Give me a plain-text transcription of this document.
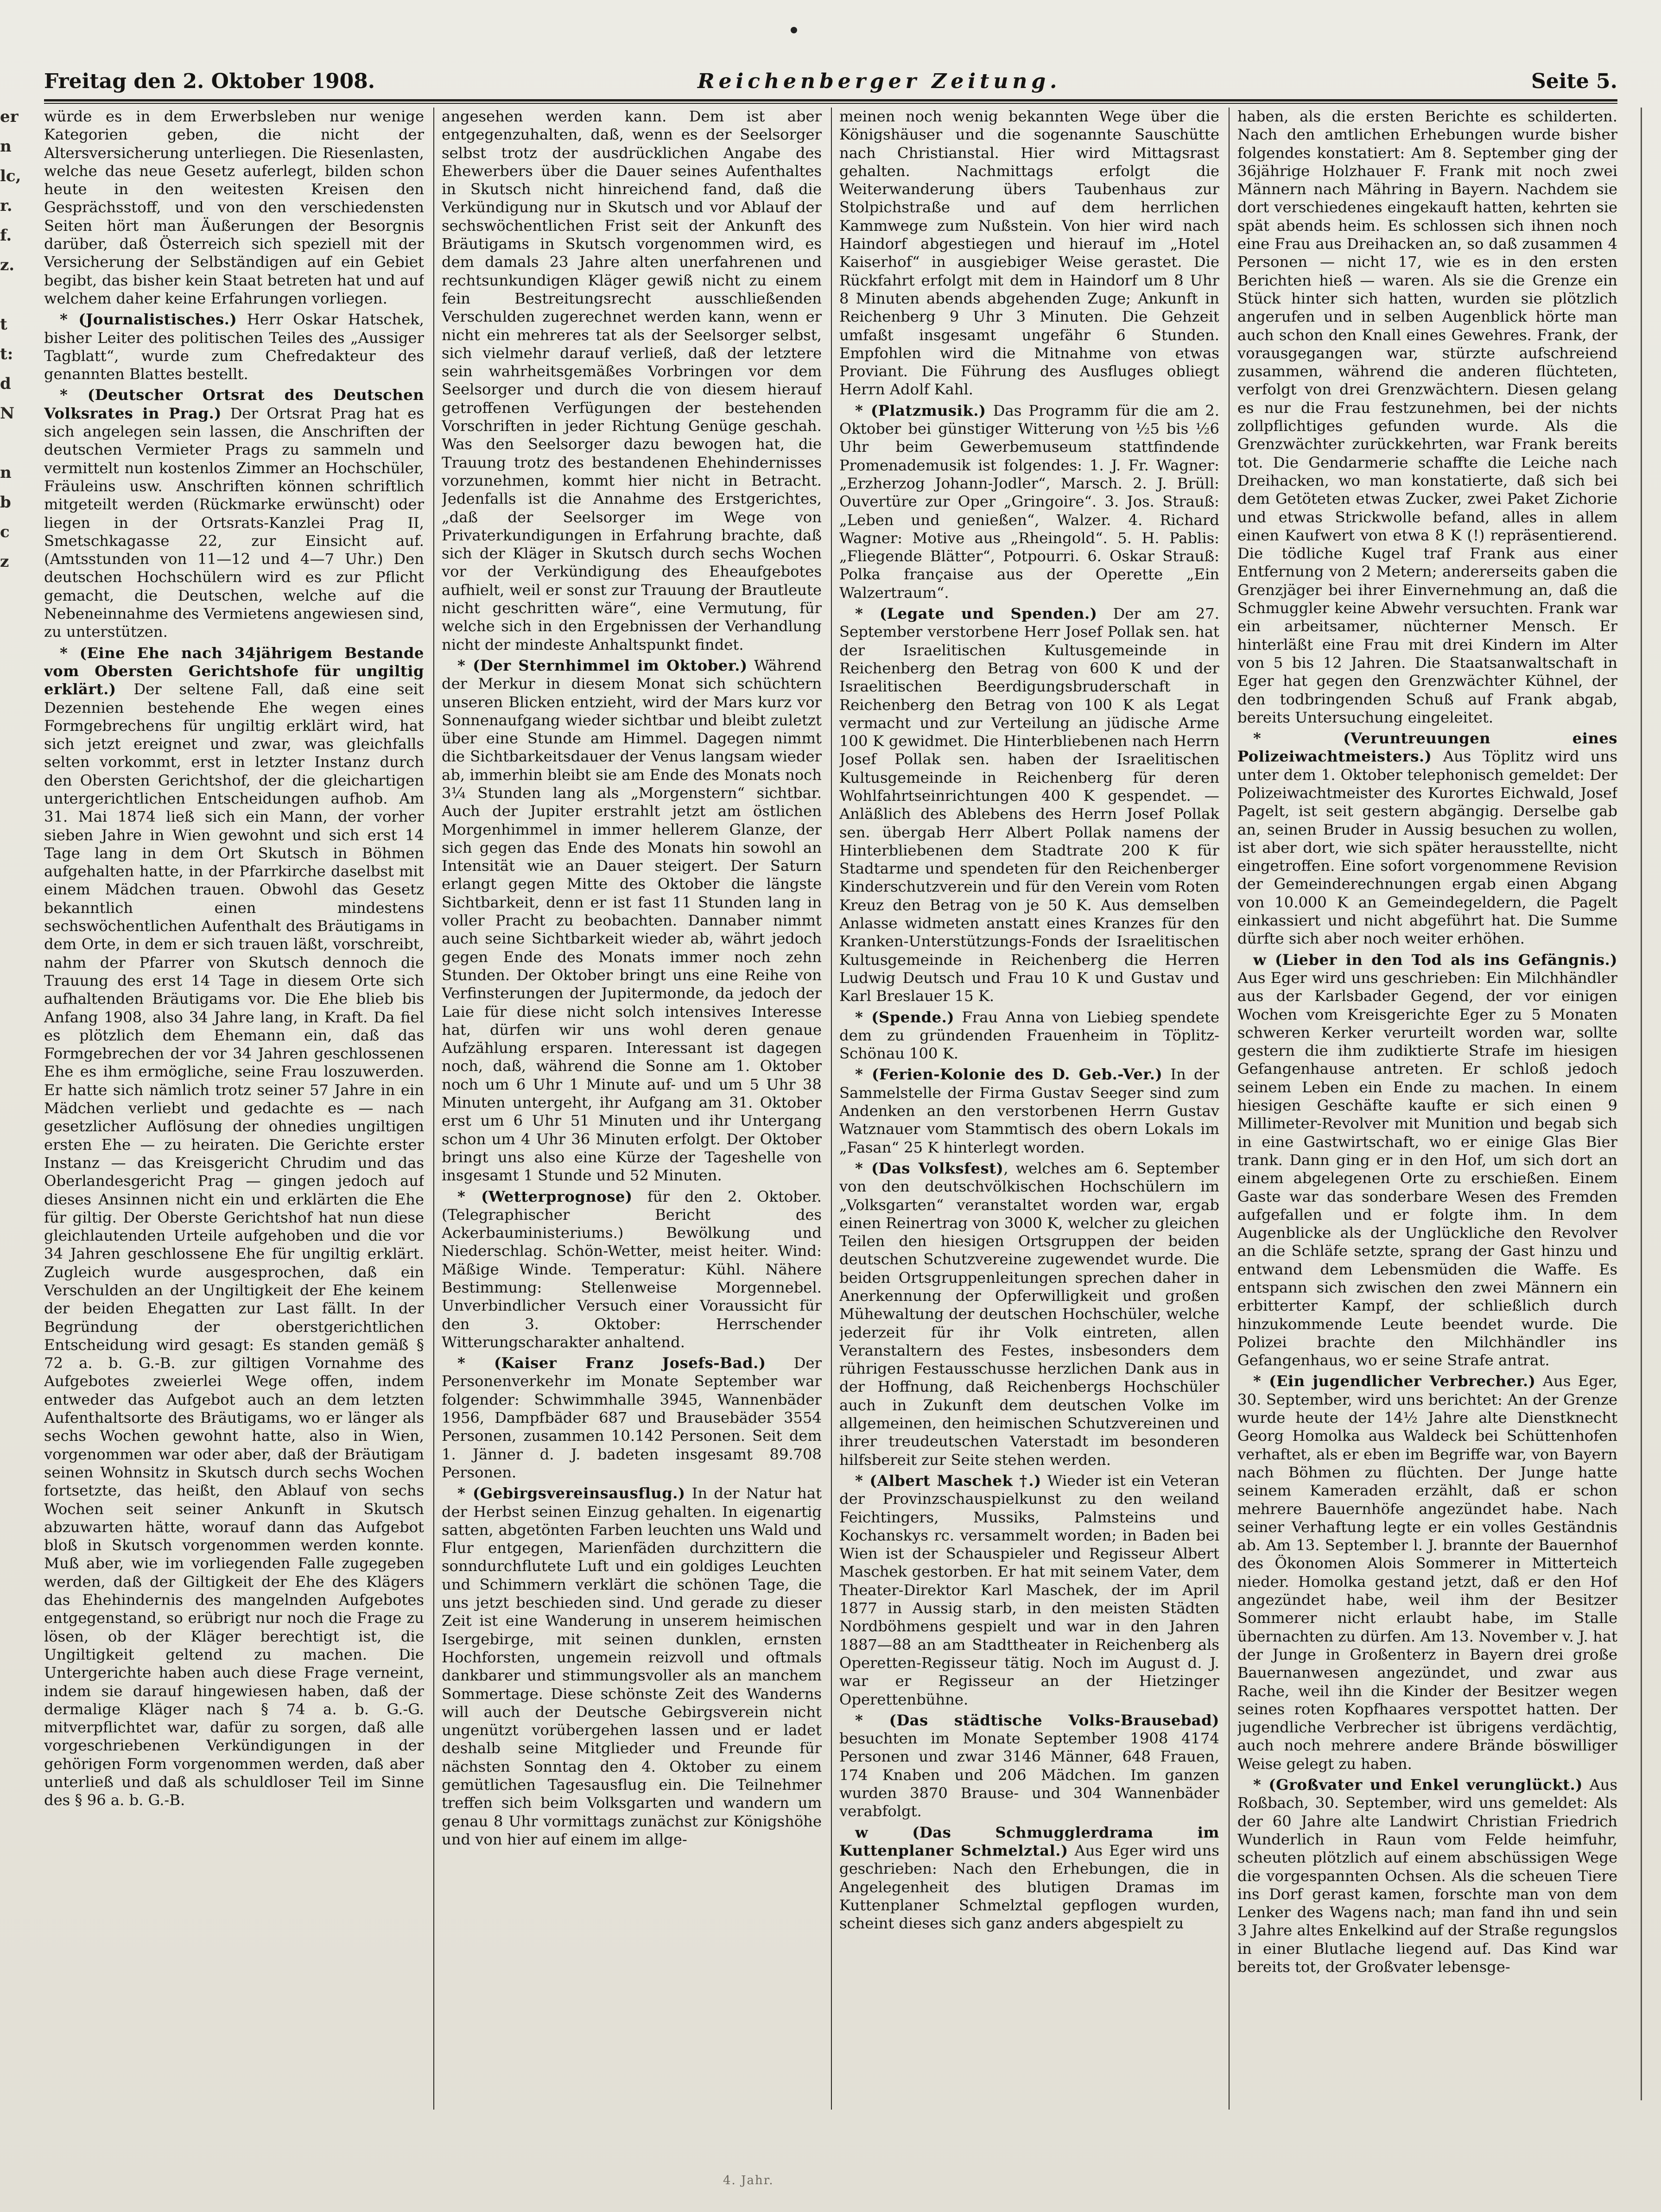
er
n
lc,
r.
f.
z.

t
t:
d
N

n
b
c
z
Freitag den 2. Oktober 1908.	Reichenberger Zeitung.	Seite 5.

würde es in dem Erwerbsleben nur wenige Kategorien geben, die nicht der Altersversicherung unterliegen. Die Riesenlasten, welche das neue Gesetz auferlegt, bilden schon heute in den weitesten Kreisen den Gesprächsstoff, und von den verschiedensten Seiten hört man Äußerungen der Besorgnis darüber, daß Österreich sich speziell mit der Versicherung der Selbständigen auf ein Gebiet begibt, das bisher kein Staat betreten hat und auf welchem daher keine Erfahrungen vorliegen.

* (Journalistisches.) Herr Oskar Hatschek, bisher Leiter des politischen Teiles des „Aussiger Tagblatt“, wurde zum Chefredakteur des genannten Blattes bestellt.

* (Deutscher Ortsrat des Deutschen Volksrates in Prag.) Der Ortsrat Prag hat es sich angelegen sein lassen, die Anschriften der deutschen Vermieter Prags zu sammeln und vermittelt nun kostenlos Zimmer an Hochschüler, Fräuleins usw. Anschriften können schriftlich mitgeteilt werden (Rückmarke erwünscht) oder liegen in der Ortsrats-Kanzlei Prag II, Smetschkagasse 22, zur Einsicht auf. (Amtsstunden von 11—12 und 4—7 Uhr.) Den deutschen Hochschülern wird es zur Pflicht gemacht, die Deutschen, welche auf die Nebeneinnahme des Vermietens angewiesen sind, zu unterstützen.

* (Eine Ehe nach 34jährigem Bestande vom Obersten Gerichtshofe für ungiltig erklärt.) Der seltene Fall, daß eine seit Dezennien bestehende Ehe wegen eines Formgebrechens für ungiltig erklärt wird, hat sich jetzt ereignet und zwar, was gleichfalls selten vorkommt, erst in letzter Instanz durch den Obersten Gerichtshof, der die gleichartigen untergerichtlichen Entscheidungen aufhob. Am 31. Mai 1874 ließ sich ein Mann, der vorher sieben Jahre in Wien gewohnt und sich erst 14 Tage lang in dem Ort Skutsch in Böhmen aufgehalten hatte, in der Pfarrkirche daselbst mit einem Mädchen trauen. Obwohl das Gesetz bekanntlich einen mindestens sechswöchentlichen Aufenthalt des Bräutigams in dem Orte, in dem er sich trauen läßt, vorschreibt, nahm der Pfarrer von Skutsch dennoch die Trauung des erst 14 Tage in diesem Orte sich aufhaltenden Bräutigams vor. Die Ehe blieb bis Anfang 1908, also 34 Jahre lang, in Kraft. Da fiel es plötzlich dem Ehemann ein, daß das Formgebrechen der vor 34 Jahren geschlossenen Ehe es ihm ermögliche, seine Frau loszuwerden. Er hatte sich nämlich trotz seiner 57 Jahre in ein Mädchen verliebt und gedachte es — nach gesetzlicher Auflösung der ohnedies ungiltigen ersten Ehe — zu heiraten. Die Gerichte erster Instanz — das Kreisgericht Chrudim und das Oberlandesgericht Prag — gingen jedoch auf dieses Ansinnen nicht ein und erklärten die Ehe für giltig. Der Oberste Gerichtshof hat nun diese gleichlautenden Urteile aufgehoben und die vor 34 Jahren geschlossene Ehe für ungiltig erklärt. Zugleich wurde ausgesprochen, daß ein Verschulden an der Ungiltigkeit der Ehe keinem der beiden Ehegatten zur Last fällt. In der Begründung der oberstgerichtlichen Entscheidung wird gesagt: Es standen gemäß § 72 a. b. G.-B. zur giltigen Vornahme des Aufgebotes zweierlei Wege offen, indem entweder das Aufgebot auch an dem letzten Aufenthaltsorte des Bräutigams, wo er länger als sechs Wochen gewohnt hatte, also in Wien, vorgenommen war oder aber, daß der Bräutigam seinen Wohnsitz in Skutsch durch sechs Wochen fortsetzte, das heißt, den Ablauf von sechs Wochen seit seiner Ankunft in Skutsch abzuwarten hätte, worauf dann das Aufgebot bloß in Skutsch vorgenommen werden konnte. Muß aber, wie im vorliegenden Falle zugegeben werden, daß der Giltigkeit der Ehe des Klägers das Ehehindernis des mangelnden Aufgebotes entgegenstand, so erübrigt nur noch die Frage zu lösen, ob der Kläger berechtigt ist, die Ungiltigkeit geltend zu machen. Die Untergerichte haben auch diese Frage verneint, indem sie darauf hingewiesen haben, daß der dermalige Kläger nach § 74 a. b. G.-G. mitverpflichtet war, dafür zu sorgen, daß alle vorgeschriebenen Verkündigungen in der gehörigen Form vorgenommen werden, daß aber unterließ und daß als schuldloser Teil im Sinne des § 96 a. b. G.-B.

angesehen werden kann. Dem ist aber entgegenzuhalten, daß, wenn es der Seelsorger selbst trotz der ausdrücklichen Angabe des Ehewerbers über die Dauer seines Aufenthaltes in Skutsch nicht hinreichend fand, daß die Verkündigung nur in Skutsch und vor Ablauf der sechswöchentlichen Frist seit der Ankunft des Bräutigams in Skutsch vorgenommen wird, es dem damals 23 Jahre alten unerfahrenen und rechtsunkundigen Kläger gewiß nicht zu einem fein Bestreitungsrecht ausschließenden Verschulden zugerechnet werden kann, wenn er nicht ein mehreres tat als der Seelsorger selbst, sich vielmehr darauf verließ, daß der letztere sein wahrheitsgemäßes Vorbringen vor dem Seelsorger und durch die von diesem hierauf getroffenen Verfügungen der bestehenden Vorschriften in jeder Richtung Genüge geschah. Was den Seelsorger dazu bewogen hat, die Trauung trotz des bestandenen Ehehindernisses vorzunehmen, kommt hier nicht in Betracht. Jedenfalls ist die Annahme des Erstgerichtes, „daß der Seelsorger im Wege von Privaterkundigungen in Erfahrung brachte, daß sich der Kläger in Skutsch durch sechs Wochen vor der Verkündigung des Eheaufgebotes aufhielt, weil er sonst zur Trauung der Brautleute nicht geschritten wäre“, eine Vermutung, für welche sich in den Ergebnissen der Verhandlung nicht der mindeste Anhaltspunkt findet.

* (Der Sternhimmel im Oktober.) Während der Merkur in diesem Monat sich schüchtern unseren Blicken entzieht, wird der Mars kurz vor Sonnenaufgang wieder sichtbar und bleibt zuletzt über eine Stunde am Himmel. Dagegen nimmt die Sichtbarkeitsdauer der Venus langsam wieder ab, immerhin bleibt sie am Ende des Monats noch 3¼ Stunden lang als „Morgenstern“ sichtbar. Auch der Jupiter erstrahlt jetzt am östlichen Morgenhimmel in immer hellerem Glanze, der sich gegen das Ende des Monats hin sowohl an Intensität wie an Dauer steigert. Der Saturn erlangt gegen Mitte des Oktober die längste Sichtbarkeit, denn er ist fast 11 Stunden lang in voller Pracht zu beobachten. Dannaber nimmt auch seine Sichtbarkeit wieder ab, währt jedoch gegen Ende des Monats immer noch zehn Stunden. Der Oktober bringt uns eine Reihe von Verfinsterungen der Jupitermonde, da jedoch der Laie für diese nicht solch intensives Interesse hat, dürfen wir uns wohl deren genaue Aufzählung ersparen. Interessant ist dagegen noch, daß, während die Sonne am 1. Oktober noch um 6 Uhr 1 Minute auf- und um 5 Uhr 38 Minuten untergeht, ihr Aufgang am 31. Oktober erst um 6 Uhr 51 Minuten und ihr Untergang schon um 4 Uhr 36 Minuten erfolgt. Der Oktober bringt uns also eine Kürze der Tageshelle von insgesamt 1 Stunde und 52 Minuten.

* (Wetterprognose) für den 2. Oktober. (Telegraphischer Bericht des Ackerbauministeriums.) Bewölkung und Niederschlag. Schön-Wetter, meist heiter. Wind: Mäßige Winde. Temperatur: Kühl. Nähere Bestimmung: Stellenweise Morgennebel. Unverbindlicher Versuch einer Voraussicht für den 3. Oktober: Herrschender Witterungscharakter anhaltend.

* (Kaiser Franz Josefs-Bad.) Der Personenverkehr im Monate September war folgender: Schwimmhalle 3945, Wannenbäder 1956, Dampfbäder 687 und Brausebäder 3554 Personen, zusammen 10.142 Personen. Seit dem 1. Jänner d. J. badeten insgesamt 89.708 Personen.

* (Gebirgsvereinsausflug.) In der Natur hat der Herbst seinen Einzug gehalten. In eigenartig satten, abgetönten Farben leuchten uns Wald und Flur entgegen, Marienfäden durchzittern die sonndurchflutete Luft und ein goldiges Leuchten und Schimmern verklärt die schönen Tage, die uns jetzt beschieden sind. Und gerade zu dieser Zeit ist eine Wanderung in unserem heimischen Isergebirge, mit seinen dunklen, ernsten Hochforsten, ungemein reizvoll und oftmals dankbarer und stimmungsvoller als an manchem Sommertage. Diese schönste Zeit des Wanderns will auch der Deutsche Gebirgsverein nicht ungenützt vorübergehen lassen und er ladet deshalb seine Mitglieder und Freunde für nächsten Sonntag den 4. Oktober zu einem gemütlichen Tagesausflug ein. Die Teilnehmer treffen sich beim Volksgarten und wandern um genau 8 Uhr vormittags zunächst zur Königshöhe und von hier auf einem im allge-

meinen noch wenig bekannten Wege über die Königshäuser und die sogenannte Sauschütte nach Christianstal. Hier wird Mittagsrast gehalten. Nachmittags erfolgt die Weiterwanderung übers Taubenhaus zur Stolpichstraße und auf dem herrlichen Kammwege zum Nußstein. Von hier wird nach Haindorf abgestiegen und hierauf im „Hotel Kaiserhof“ in ausgiebiger Weise gerastet. Die Rückfahrt erfolgt mit dem in Haindorf um 8 Uhr 8 Minuten abends abgehenden Zuge; Ankunft in Reichenberg 9 Uhr 3 Minuten. Die Gehzeit umfaßt insgesamt ungefähr 6 Stunden. Empfohlen wird die Mitnahme von etwas Proviant. Die Führung des Ausfluges obliegt Herrn Adolf Kahl.

* (Platzmusik.) Das Programm für die am 2. Oktober bei günstiger Witterung von ½5 bis ½6 Uhr beim Gewerbemuseum stattfindende Promenademusik ist folgendes: 1. J. Fr. Wagner: „Erzherzog Johann-Jodler“, Marsch. 2. J. Brüll: Ouvertüre zur Oper „Gringoire“. 3. Jos. Strauß: „Leben und genießen“, Walzer. 4. Richard Wagner: Motive aus „Rheingold“. 5. H. Pablis: „Fliegende Blätter“, Potpourri. 6. Oskar Strauß: Polka française aus der Operette „Ein Walzertraum“.

* (Legate und Spenden.) Der am 27. September verstorbene Herr Josef Pollak sen. hat der Israelitischen Kultusgemeinde in Reichenberg den Betrag von 600 K und der Israelitischen Beerdigungsbruderschaft in Reichenberg den Betrag von 100 K als Legat vermacht und zur Verteilung an jüdische Arme 100 K gewidmet. Die Hinterbliebenen nach Herrn Josef Pollak sen. haben der Israelitischen Kultusgemeinde in Reichenberg für deren Wohlfahrtseinrichtungen 400 K gespendet. — Anläßlich des Ablebens des Herrn Josef Pollak sen. übergab Herr Albert Pollak namens der Hinterbliebenen dem Stadtrate 200 K für Stadtarme und spendeten für den Reichenberger Kinderschutzverein und für den Verein vom Roten Kreuz den Betrag von je 50 K. Aus demselben Anlasse widmeten anstatt eines Kranzes für den Kranken-Unterstützungs-Fonds der Israelitischen Kultusgemeinde in Reichenberg die Herren Ludwig Deutsch und Frau 10 K und Gustav und Karl Breslauer 15 K.

* (Spende.) Frau Anna von Liebieg spendete dem zu gründenden Frauenheim in Töplitz-Schönau 100 K.

* (Ferien-Kolonie des D. Geb.-Ver.) In der Sammelstelle der Firma Gustav Seeger sind zum Andenken an den verstorbenen Herrn Gustav Watznauer vom Stammtisch des obern Lokals im „Fasan“ 25 K hinterlegt worden.

* (Das Volksfest), welches am 6. September von den deutschvölkischen Hochschülern im „Volksgarten“ veranstaltet worden war, ergab einen Reinertrag von 3000 K, welcher zu gleichen Teilen den hiesigen Ortsgruppen der beiden deutschen Schutzvereine zugewendet wurde. Die beiden Ortsgruppenleitungen sprechen daher in Anerkennung der Opferwilligkeit und großen Mühewaltung der deutschen Hochschüler, welche jederzeit für ihr Volk eintreten, allen Veranstaltern des Festes, insbesonders dem rührigen Festausschusse herzlichen Dank aus in der Hoffnung, daß Reichenbergs Hochschüler auch in Zukunft dem deutschen Volke im allgemeinen, den heimischen Schutzvereinen und ihrer treudeutschen Vaterstadt im besonderen hilfsbereit zur Seite stehen werden.

* (Albert Maschek †.) Wieder ist ein Veteran der Provinzschauspielkunst zu den weiland Feichtingers, Mussiks, Palmsteins und Kochanskys rc. versammelt worden; in Baden bei Wien ist der Schauspieler und Regisseur Albert Maschek gestorben. Er hat mit seinem Vater, dem Theater-Direktor Karl Maschek, der im April 1877 in Aussig starb, in den meisten Städten Nordböhmens gespielt und war in den Jahren 1887—88 an am Stadttheater in Reichenberg als Operetten-Regisseur tätig. Noch im August d. J. war er Regisseur an der Hietzinger Operettenbühne.

* (Das städtische Volks-Brausebad) besuchten im Monate September 1908 4174 Personen und zwar 3146 Männer, 648 Frauen, 174 Knaben und 206 Mädchen. Im ganzen wurden 3870 Brause- und 304 Wannenbäder verabfolgt.

w (Das Schmugglerdrama im Kuttenplaner Schmelztal.) Aus Eger wird uns geschrieben: Nach den Erhebungen, die in Angelegenheit des blutigen Dramas im Kuttenplaner Schmelztal gepflogen wurden, scheint dieses sich ganz anders abgespielt zu

haben, als die ersten Berichte es schilderten. Nach den amtlichen Erhebungen wurde bisher folgendes konstatiert: Am 8. September ging der 36jährige Holzhauer F. Frank mit noch zwei Männern nach Mähring in Bayern. Nachdem sie dort verschiedenes eingekauft hatten, kehrten sie spät abends heim. Es schlossen sich ihnen noch eine Frau aus Dreihacken an, so daß zusammen 4 Personen — nicht 17, wie es in den ersten Berichten hieß — waren. Als sie die Grenze ein Stück hinter sich hatten, wurden sie plötzlich angerufen und in selben Augenblick hörte man auch schon den Knall eines Gewehres. Frank, der vorausgegangen war, stürzte aufschreiend zusammen, während die anderen flüchteten, verfolgt von drei Grenzwächtern. Diesen gelang es nur die Frau festzunehmen, bei der nichts zollpflichtiges gefunden wurde. Als die Grenzwächter zurückkehrten, war Frank bereits tot. Die Gendarmerie schaffte die Leiche nach Dreihacken, wo man konstatierte, daß sich bei dem Getöteten etwas Zucker, zwei Paket Zichorie und etwas Strickwolle befand, alles in allem einen Kaufwert von etwa 8 K (!) repräsentierend. Die tödliche Kugel traf Frank aus einer Entfernung von 2 Metern; andererseits gaben die Grenzjäger bei ihrer Einvernehmung an, daß die Schmuggler keine Abwehr versuchten. Frank war ein arbeitsamer, nüchterner Mensch. Er hinterläßt eine Frau mit drei Kindern im Alter von 5 bis 12 Jahren. Die Staatsanwaltschaft in Eger hat gegen den Grenzwächter Kühnel, der den todbringenden Schuß auf Frank abgab, bereits Untersuchung eingeleitet.

* (Veruntreuungen eines Polizeiwachtmeisters.) Aus Töplitz wird uns unter dem 1. Oktober telephonisch gemeldet: Der Polizeiwachtmeister des Kurortes Eichwald, Josef Pagelt, ist seit gestern abgängig. Derselbe gab an, seinen Bruder in Aussig besuchen zu wollen, ist aber dort, wie sich später herausstellte, nicht eingetroffen. Eine sofort vorgenommene Revision der Gemeinderechnungen ergab einen Abgang von 10.000 K an Gemeindegeldern, die Pagelt einkassiert und nicht abgeführt hat. Die Summe dürfte sich aber noch weiter erhöhen.

w (Lieber in den Tod als ins Gefängnis.) Aus Eger wird uns geschrieben: Ein Milchhändler aus der Karlsbader Gegend, der vor einigen Wochen vom Kreisgerichte Eger zu 5 Monaten schweren Kerker verurteilt worden war, sollte gestern die ihm zudiktierte Strafe im hiesigen Gefangenhause antreten. Er schloß jedoch seinem Leben ein Ende zu machen. In einem hiesigen Geschäfte kaufte er sich einen 9 Millimeter-Revolver mit Munition und begab sich in eine Gastwirtschaft, wo er einige Glas Bier trank. Dann ging er in den Hof, um sich dort an einem abgelegenen Orte zu erschießen. Einem Gaste war das sonderbare Wesen des Fremden aufgefallen und er folgte ihm. In dem Augenblicke als der Unglückliche den Revolver an die Schläfe setzte, sprang der Gast hinzu und entwand dem Lebensmüden die Waffe. Es entspann sich zwischen den zwei Männern ein erbitterter Kampf, der schließlich durch hinzukommende Leute beendet wurde. Die Polizei brachte den Milchhändler ins Gefangenhaus, wo er seine Strafe antrat.

* (Ein jugendlicher Verbrecher.) Aus Eger, 30. September, wird uns berichtet: An der Grenze wurde heute der 14½ Jahre alte Dienstknecht Georg Homolka aus Waldeck bei Schüttenhofen verhaftet, als er eben im Begriffe war, von Bayern nach Böhmen zu flüchten. Der Junge hatte seinem Kameraden erzählt, daß er schon mehrere Bauernhöfe angezündet habe. Nach seiner Verhaftung legte er ein volles Geständnis ab. Am 13. September l. J. brannte der Bauernhof des Ökonomen Alois Sommerer in Mitterteich nieder. Homolka gestand jetzt, daß er den Hof angezündet habe, weil ihm der Besitzer Sommerer nicht erlaubt habe, im Stalle übernachten zu dürfen. Am 13. November v. J. hat der Junge in Großenterz in Bayern drei große Bauernanwesen angezündet, und zwar aus Rache, weil ihn die Kinder der Besitzer wegen seines roten Kopfhaares verspottet hatten. Der jugendliche Verbrecher ist übrigens verdächtig, auch noch mehrere andere Brände böswilliger Weise gelegt zu haben.

* (Großvater und Enkel verunglückt.) Aus Roßbach, 30. September, wird uns gemeldet: Als der 60 Jahre alte Landwirt Christian Friedrich Wunderlich in Raun vom Felde heimfuhr, scheuten plötzlich auf einem abschüssigen Wege die vorgespannten Ochsen. Als die scheuen Tiere ins Dorf gerast kamen, forschte man von dem Lenker des Wagens nach; man fand ihn und sein 3 Jahre altes Enkelkind auf der Straße regungslos in einer Blutlache liegend auf. Das Kind war bereits tot, der Großvater lebensge-

4. Jahr.
